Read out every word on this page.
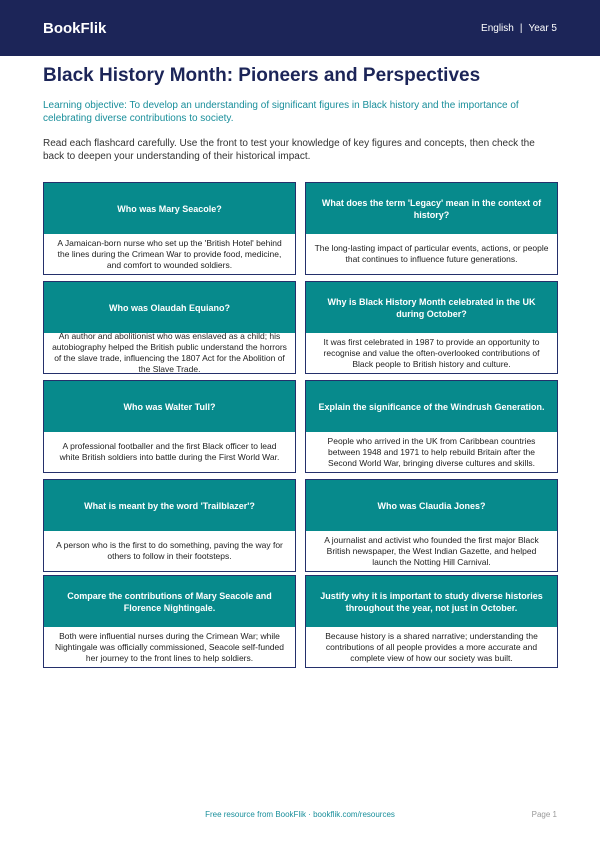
BookFlik	English | Year 5
Black History Month: Pioneers and Perspectives
Learning objective: To develop an understanding of significant figures in Black history and the importance of celebrating diverse contributions to society.
Read each flashcard carefully. Use the front to test your knowledge of key figures and concepts, then check the back to deepen your understanding of their historical impact.
Who was Mary Seacole?
A Jamaican-born nurse who set up the 'British Hotel' behind the lines during the Crimean War to provide food, medicine, and comfort to wounded soldiers.
What does the term 'Legacy' mean in the context of history?
The long-lasting impact of particular events, actions, or people that continues to influence future generations.
Who was Olaudah Equiano?
An author and abolitionist who was enslaved as a child; his autobiography helped the British public understand the horrors of the slave trade, influencing the 1807 Act for the Abolition of the Slave Trade.
Why is Black History Month celebrated in the UK during October?
It was first celebrated in 1987 to provide an opportunity to recognise and value the often-overlooked contributions of Black people to British history and culture.
Who was Walter Tull?
A professional footballer and the first Black officer to lead white British soldiers into battle during the First World War.
Explain the significance of the Windrush Generation.
People who arrived in the UK from Caribbean countries between 1948 and 1971 to help rebuild Britain after the Second World War, bringing diverse cultures and skills.
What is meant by the word 'Trailblazer'?
A person who is the first to do something, paving the way for others to follow in their footsteps.
Who was Claudia Jones?
A journalist and activist who founded the first major Black British newspaper, the West Indian Gazette, and helped launch the Notting Hill Carnival.
Compare the contributions of Mary Seacole and Florence Nightingale.
Both were influential nurses during the Crimean War; while Nightingale was officially commissioned, Seacole self-funded her journey to the front lines to help soldiers.
Justify why it is important to study diverse histories throughout the year, not just in October.
Because history is a shared narrative; understanding the contributions of all people provides a more accurate and complete view of how our society was built.
Free resource from BookFlik · bookflik.com/resources	Page 1
